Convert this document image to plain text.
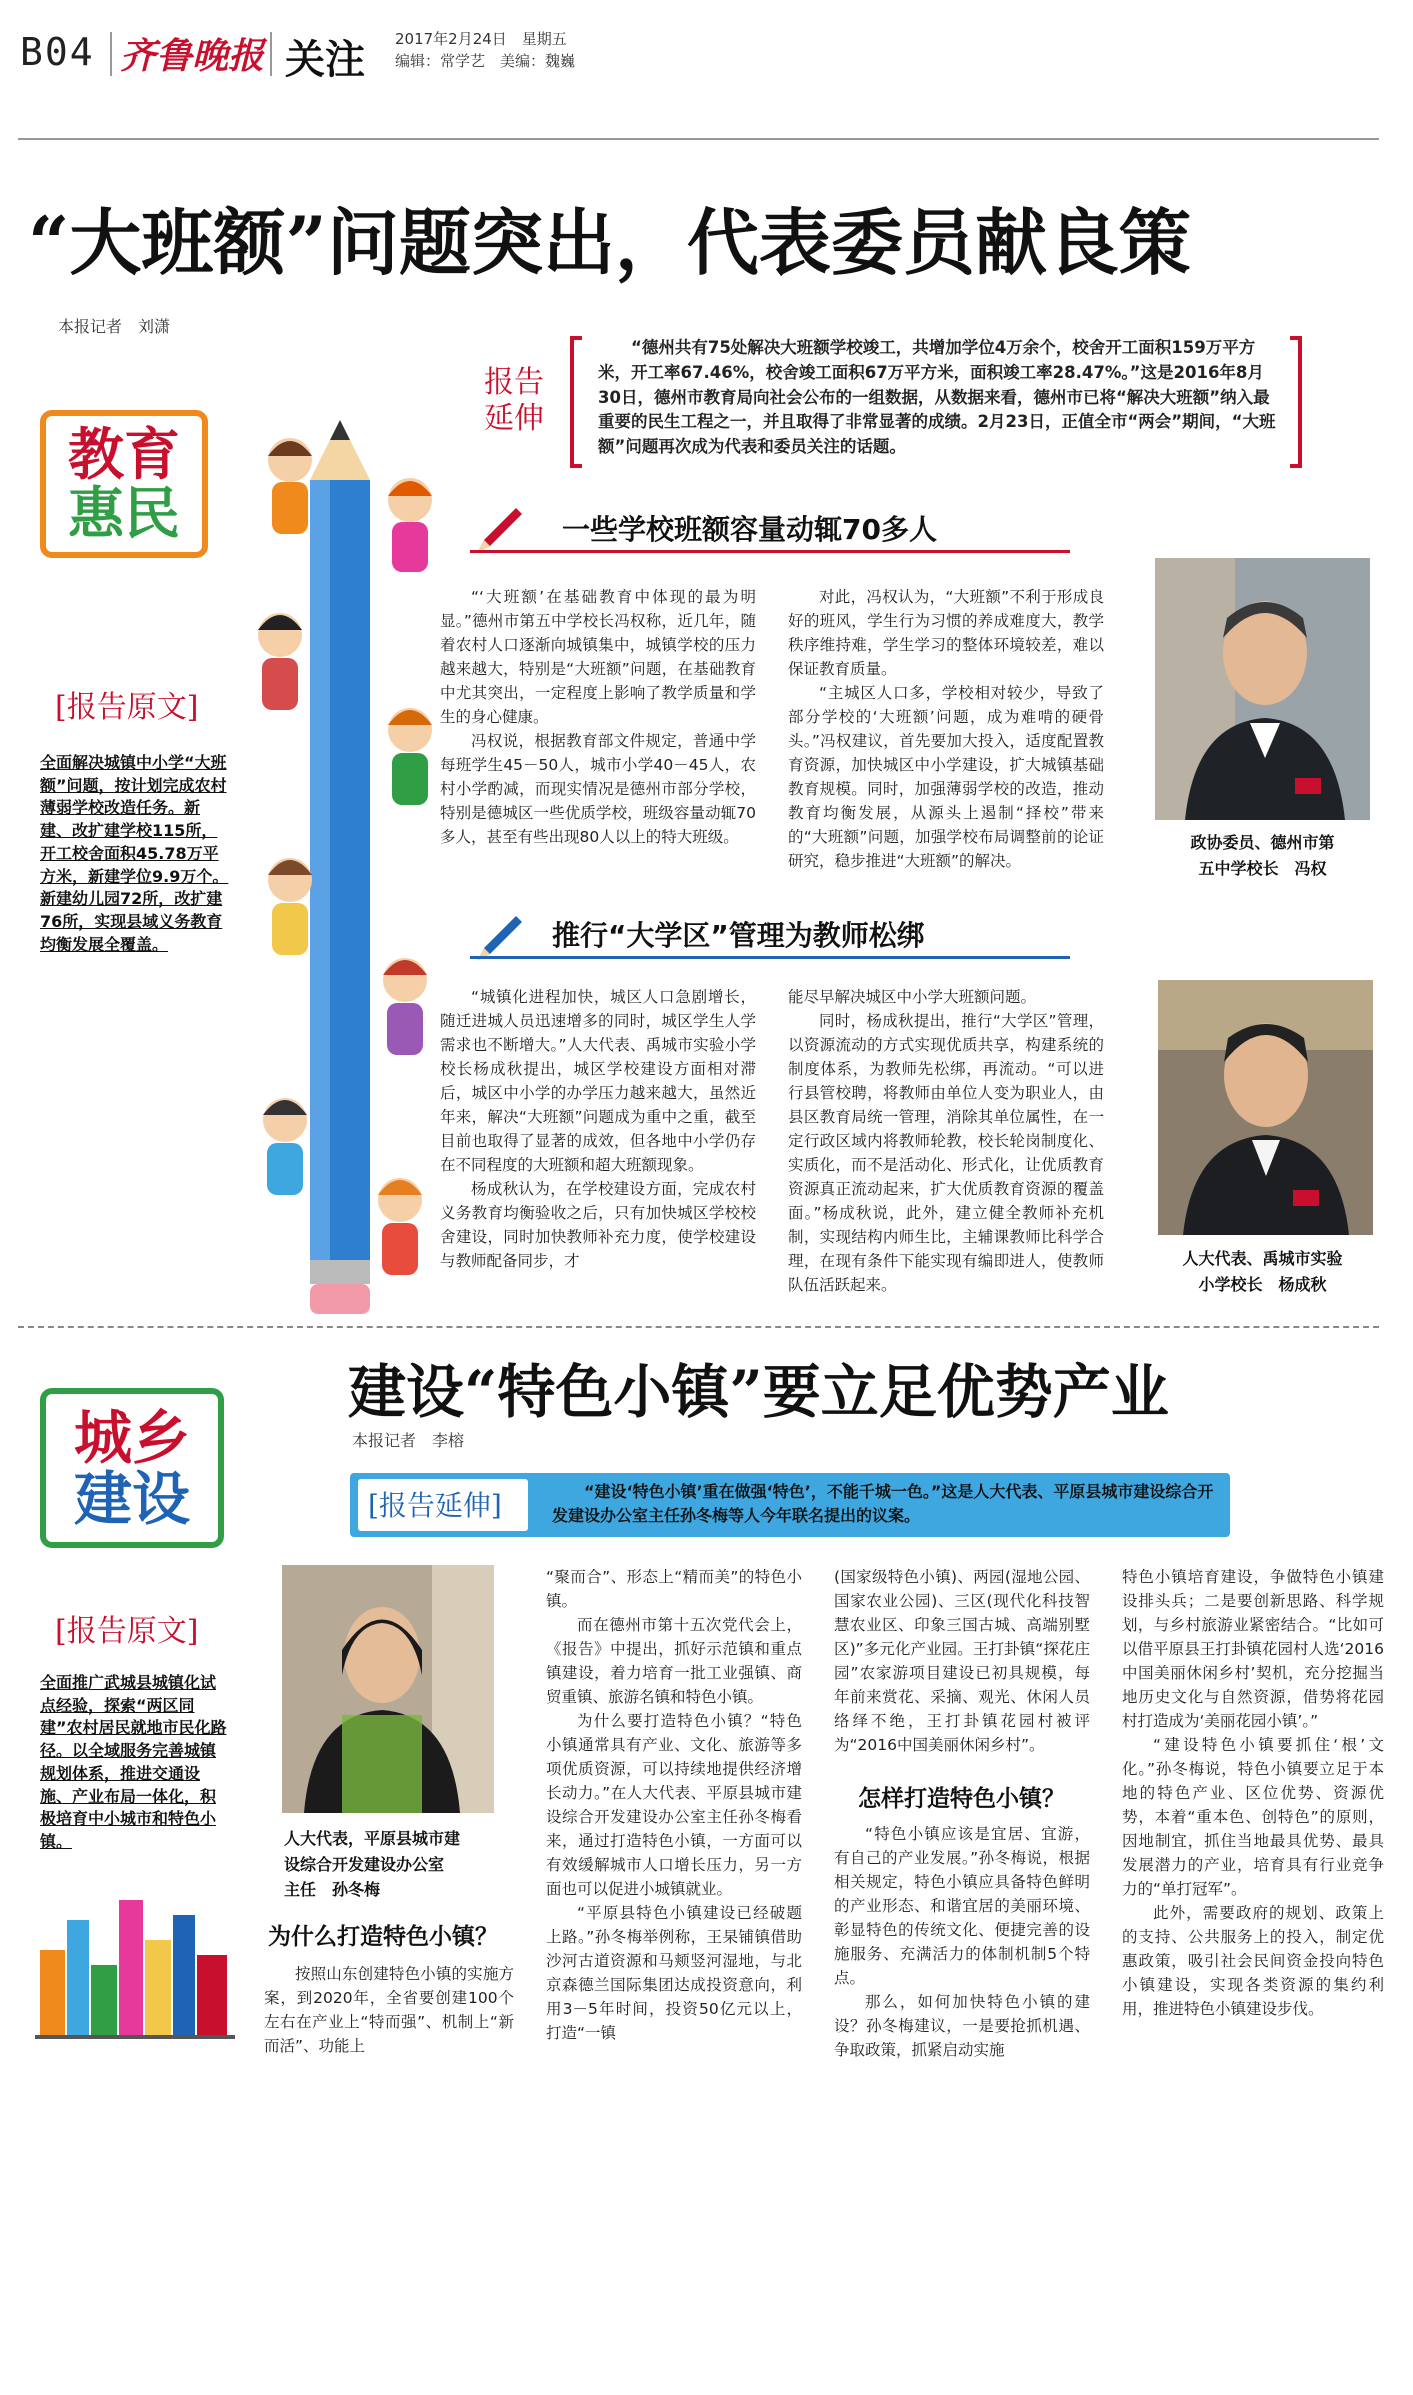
B04 齐鲁晚报 关注 2017年2月24日　星期五
编辑：常学艺　美编：魏巍
“大班额”问题突出，代表委员献良策
本报记者　刘潇
教育
惠民
[报告原文]
全面解决城镇中小学“大班额”问题，按计划完成农村薄弱学校改造任务。新建、改扩建学校115所，开工校舍面积45.78万平方米，新建学位9.9万个。新建幼儿园72所，改扩建76所，实现县域义务教育均衡发展全覆盖。
报告
延伸
“德州共有75处解决大班额学校竣工，共增加学位4万余个，校舍开工面积159万平方米，开工率67.46%，校舍竣工面积67万平方米，面积竣工率28.47%。”这是2016年8月30日，德州市教育局向社会公布的一组数据，从数据来看，德州市已将“解决大班额”纳入最重要的民生工程之一，并且取得了非常显著的成绩。2月23日，正值全市“两会”期间，“大班额”问题再次成为代表和委员关注的话题。
一些学校班额容量动辄70多人

“‘大班额’在基础教育中体现的最为明显。”德州市第五中学校长冯权称，近几年，随着农村人口逐渐向城镇集中，城镇学校的压力越来越大，特别是“大班额”问题，在基础教育中尤其突出，一定程度上影响了教学质量和学生的身心健康。

冯权说，根据教育部文件规定，普通中学每班学生45－50人，城市小学40－45人，农村小学酌减，而现实情况是德州市部分学校，特别是德城区一些优质学校，班级容量动辄70多人，甚至有些出现80人以上的特大班级。

对此，冯权认为，“大班额”不利于形成良好的班风，学生行为习惯的养成难度大，教学秩序维持难，学生学习的整体环境较差，难以保证教育质量。

“主城区人口多，学校相对较少，导致了部分学校的‘大班额’问题，成为难啃的硬骨头。”冯权建议，首先要加大投入，适度配置教育资源，加快城区中小学建设，扩大城镇基础教育规模。同时，加强薄弱学校的改造，推动教育均衡发展，从源头上遏制“择校”带来的“大班额”问题，加强学校布局调整前的论证研究，稳步推进“大班额”的解决。

政协委员、德州市第
五中学校长　冯权
推行“大学区”管理为教师松绑

“城镇化进程加快，城区人口急剧增长，随迁进城人员迅速增多的同时，城区学生人学需求也不断增大。”人大代表、禹城市实验小学校长杨成秋提出，城区学校建设方面相对滞后，城区中小学的办学压力越来越大，虽然近年来，解决“大班额”问题成为重中之重，截至目前也取得了显著的成效，但各地中小学仍存在不同程度的大班额和超大班额现象。

杨成秋认为，在学校建设方面，完成农村义务教育均衡验收之后，只有加快城区学校校舍建设，同时加快教师补充力度，使学校建设与教师配备同步，才

能尽早解决城区中小学大班额问题。

同时，杨成秋提出，推行“大学区”管理，以资源流动的方式实现优质共享，构建系统的制度体系，为教师先松绑，再流动。“可以进行县管校聘，将教师由单位人变为职业人，由县区教育局统一管理，消除其单位属性，在一定行政区域内将教师轮教，校长轮岗制度化、实质化，而不是活动化、形式化，让优质教育资源真正流动起来，扩大优质教育资源的覆盖面。”杨成秋说，此外，建立健全教师补充机制，实现结构内师生比，主辅课教师比科学合理，在现有条件下能实现有编即进人，使教师队伍活跃起来。

人大代表、禹城市实验
小学校长　杨成秋
建设“特色小镇”要立足优势产业
本报记者　李榕
城乡
建设	[报告延伸]	“建设‘特色小镇’重在做强‘特色’，不能千城一色。”这是人大代表、平原县城市建设综合开发建设办公室主任孙冬梅等人今年联名提出的议案。
[报告原文]
全面推广武城县城镇化试点经验，探索“两区同建”农村居民就地市民化路径。以全域服务完善城镇规划体系，推进交通设施、产业布局一体化，积极培育中小城市和特色小镇。	人大代表，平原县城市建
设综合开发建设办公室
主任　孙冬梅
为什么打造特色小镇？

按照山东创建特色小镇的实施方案，到2020年，全省要创建100个左右在产业上“特而强”、机制上“新而活”、功能上

“聚而合”、形态上“精而美”的特色小镇。

而在德州市第十五次党代会上，《报告》中提出，抓好示范镇和重点镇建设，着力培育一批工业强镇、商贸重镇、旅游名镇和特色小镇。

为什么要打造特色小镇？“特色小镇通常具有产业、文化、旅游等多项优质资源，可以持续地提供经济增长动力。”在人大代表、平原县城市建设综合开发建设办公室主任孙冬梅看来，通过打造特色小镇，一方面可以有效缓解城市人口增长压力，另一方面也可以促进小城镇就业。

“平原县特色小镇建设已经破题上路。”孙冬梅举例称，王杲铺镇借助沙河古道资源和马颊竖河湿地，与北京森德兰国际集团达成投资意向，利用3－5年时间，投资50亿元以上，打造“一镇

(国家级特色小镇)、两园(湿地公园、国家农业公园)、三区(现代化科技智慧农业区、印象三国古城、高端别墅区)”多元化产业园。王打卦镇“探花庄园”农家游项目建设已初具规模，每年前来赏花、采摘、观光、休闲人员络绎不绝，王打卦镇花园村被评为“2016中国美丽休闲乡村”。

怎样打造特色小镇？

“特色小镇应该是宜居、宜游，有自己的产业发展。”孙冬梅说，根据相关规定，特色小镇应具备特色鲜明的产业形态、和谐宜居的美丽环境、彰显特色的传统文化、便捷完善的设施服务、充满活力的体制机制5个特点。

那么，如何加快特色小镇的建设？孙冬梅建议，一是要抢抓机遇、争取政策，抓紧启动实施

特色小镇培育建设，争做特色小镇建设排头兵；二是要创新思路、科学规划，与乡村旅游业紧密结合。“比如可以借平原县王打卦镇花园村人选‘2016中国美丽休闲乡村’契机，充分挖掘当地历史文化与自然资源，借势将花园村打造成为‘美丽花园小镇’。”

“建设特色小镇要抓住‘根’文化。”孙冬梅说，特色小镇要立足于本地的特色产业、区位优势、资源优势，本着“重本色、创特色”的原则，因地制宜，抓住当地最具优势、最具发展潜力的产业，培育具有行业竞争力的“单打冠军”。

此外，需要政府的规划、政策上的支持、公共服务上的投入，制定优惠政策，吸引社会民间资金投向特色小镇建设，实现各类资源的集约利用，推进特色小镇建设步伐。
